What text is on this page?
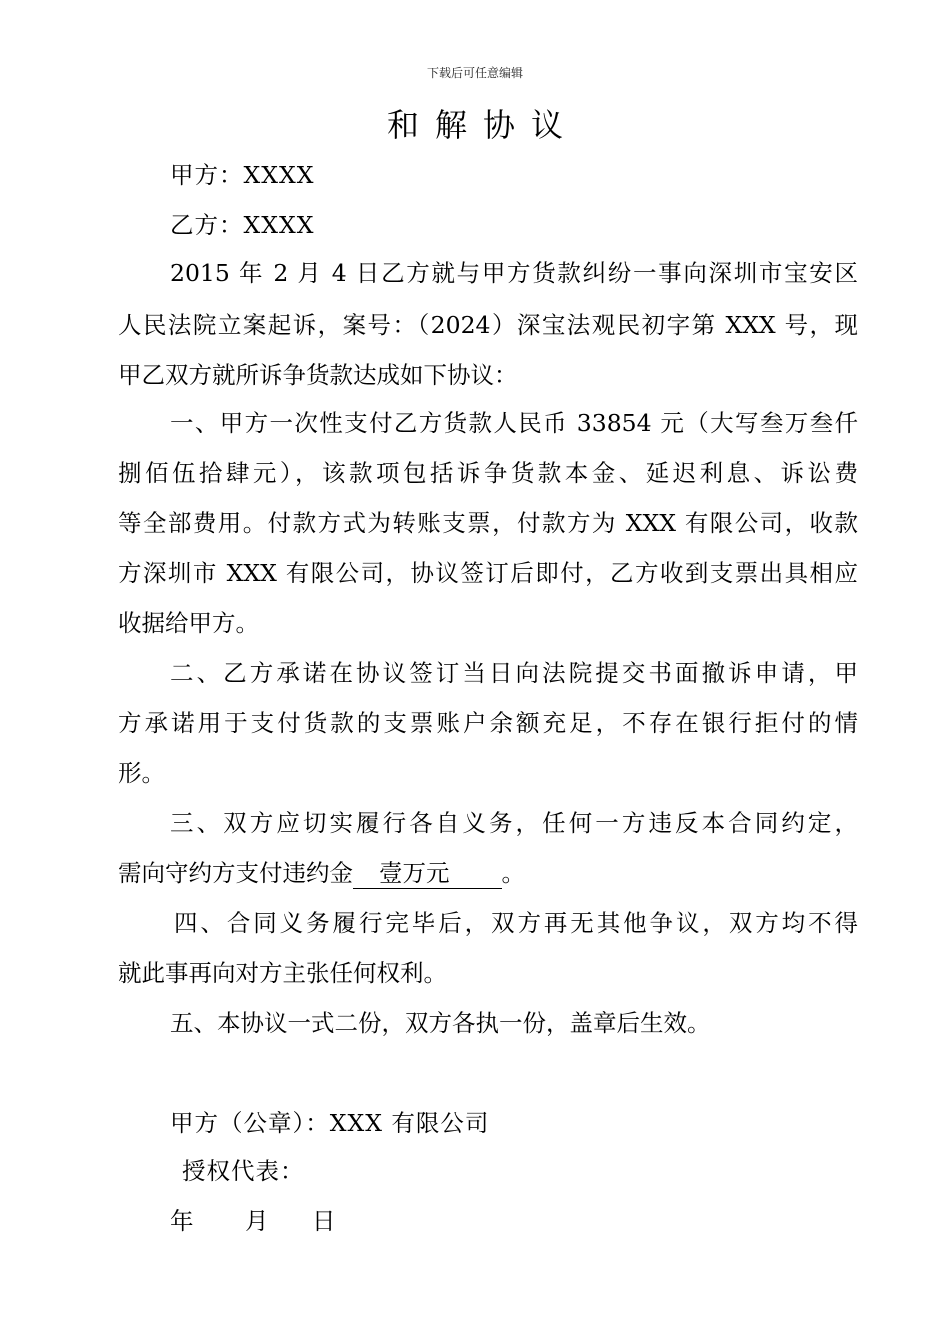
下载后可任意编辑
和解协议
甲方：XXXX
乙方：XXXX
2015 年 2 月 4 日乙方就与甲方货款纠纷一事向深圳市宝安区
人民法院立案起诉，案号：（2024）深宝法观民初字第 XXX 号，现
甲乙双方就所诉争货款达成如下协议：
一、甲方一次性支付乙方货款人民币 33854 元（大写叁万叁仟
捌佰伍拾肆元），该款项包括诉争货款本金、延迟利息、诉讼费
等全部费用。付款方式为转账支票，付款方为 XXX 有限公司，收款
方深圳市 XXX 有限公司，协议签订后即付，乙方收到支票出具相应
收据给甲方。
二、乙方承诺在协议签订当日向法院提交书面撤诉申请，甲
方承诺用于支付货款的支票账户余额充足，不存在银行拒付的情
形。
三、双方应切实履行各自义务，任何一方违反本合同约定，
需向守约方支付违约金 壹万元 。
四、合同义务履行完毕后，双方再无其他争议，双方均不得
就此事再向对方主张任何权利。
五、本协议一式二份，双方各执一份，盖章后生效。
甲方（公章）：XXX 有限公司
授权代表：
年 月 日
